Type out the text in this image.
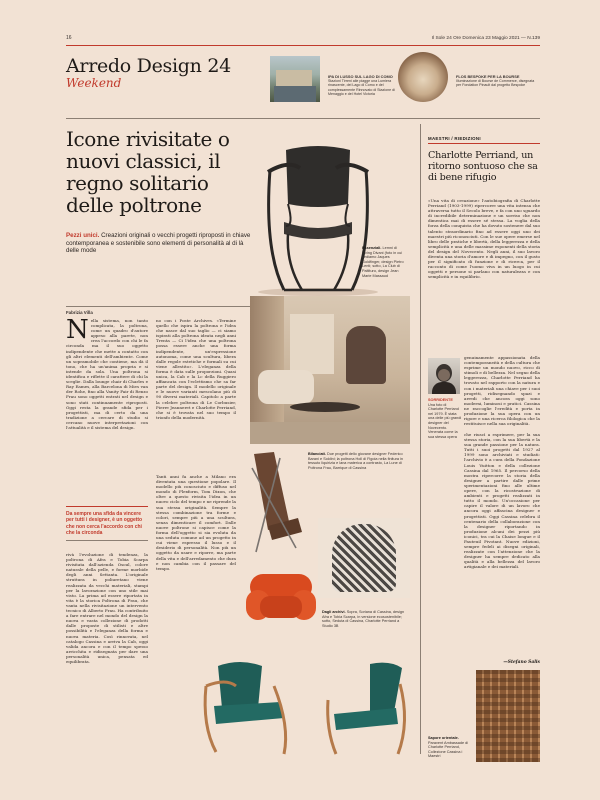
16	Il Sole 24 Ore Domenica 23 Maggio 2021 — N.139
Arredo Design 24
Weekend	IPA DI LUSSO SUL LAGO DI COMO
Stazioni Tirreni alle piagge una Lumiera rinascente, del Lago di Como e del complessamente Rinnovato di Stazione di Menaggio e del Hotel Victoria
FLOS BESPOKE PER LA BOURSE
Illuminazione di Bourse de Commerce, disegnata per Fondation Pinault dal progetto Bespoke
Icone rivisitate o nuovi classici, il regno solitario delle poltrone
Pezzi unici. Creazioni originali o vecchi progetti riproposti in chiave contemporanea e sostenibile sono elementi di personalità al di là delle mode	Essenziali. Lemni di Living Divani (foto in cui vediamo Jaques Goldfinger, design Pietro Lenti; sotto, La Club di Paltituro, design Jean Marie Massaud
Fabrizia Villa
Nella sistema, non tanto complicata, la poltrona, come un quadro d'autore appeso alla parete, non crea l'accordo con chi le fa circonda ma il suo oggetto indipendente che mette a contatto con gli altri elementi dell'ambiente. Come un sopramobile che contiene, ma dà il tono, che ha un'anima propria e si intende da sola. Una poltrona si identifica e riflette il carattere di chi la sceglie. Dalla lounge chair di Charles e Ray Eames, alla Barcelona di Mies van der Rohe, fino alla Vanity Fair di Renzo Frau sono oggetti entrati nel design e sono stati continuamente riproposti. Oggi resta la grande sfida per i progettisti, ma di certo da una tradizione a cercare di studio si cercano nuove interpretazioni con l'attualità e il sistema del design.
Da sempre una sfida da vincere per tutti i designer, è un oggetto che non cerca l'accordo con chi che la circonda
rivà l'evoluzione di tendenza, la poltrona di Afra e Tobia Scarpa rivisitata dall'azienda Osoul, colore naturale della pelle, e forme morbide degli anni Settanta. L'originale struttura in poliuretano viene realizzata da vecchi materiali, stampi per la lavorazione con uno stile mai visto. La prima ad essere riportata in vita è la storica Poltrona di Frau, che vanta nella rivisitazione un intervento tecnico di Alberto Frau. Ha contribuito a fare entrare nel mondo del design la nuova e vasta collezione di prodotti dalle proposte di stilisti e altre possibilità e l'eleganza della forma e nuova materia. Così rinnovata, nel catalogo Cassina e arriva la Cab, oggi valida ancora e con il tempo spesso arricchita e ridisegnata per dare una personalità unica, pensata ed equilibrata.
no con i Poste Archives. «Termine quello che ispira la poltrona e l'idea che nasce dal suo taglio — ci siamo ispirati alla poltrona ideata negli anni Trenta — Ci l'idea che una poltrona possa essere anche una forma indipendente, un'espressione autonoma, come una scultura, libera dalle regole estetiche e formali su cui viene allestito». L'eleganza della forma è data sulle proporzioni. Quasi unica, la Cab e la Lc della Ruggiero affiancata con l'eclettismo che sa far parte del design. Il modello originale e le nuove varianti mescolano più di 90 diversi materiali. Capitolo a parte la celebre poltrona di Le Corbusier, Pierre Jeanneret e Charlotte Perriand, che si è trovata nel suo tempo il trionfo della modernità.
Tanti anni fa anche a Milano era diventata una questione popolare. Il modello più conosciuto e diffuso nel mondo di Flexform, Tom Dixon, che oltre a questo rivisita l'idea in un nuovo ciclo del tempo e ne riprende la sua stessa originalità. Sempre la stessa combinazione tra forme e colori, sempre più a una scultura, senza dimenticare il comfort. Dalle nuove poltrone si capisce come la forma dell'oggetto si sia evoluta da una seduta comune ad un progetto in cui viene espresso il lusso e il desiderio di personalità. Non più un oggetto da usare e riporre, ma parte della vita e dell'arredamento che dura e non cambia con il passare del tempo.
Bilanciati. Due progetti dello giovane designer Federico Barani e Soldini; la poltrona Holl di Figoia nella finitura in tessuto liquirizia e lana materica a contrasto, La Lune di Poltrona Frau, Barrique di Cassina
Dagli archivi. Sopra, Soriana di Cassina, design Afra e Tobia Scarpa, in versione ecosostenibile; sotto, Seduta di Cassina, Charlotte Perriand a Studio 3B
MAESTRI / RIEDIZIONI
Charlotte Perriand, un ritorno sontuoso che sa di bene rifugio
«Una vita di creazione» l'autobiografia di Charlotte Perriand (1903-1999) ripercorre una vita intensa che attraversa tutto il Secolo breve, e fa con uno sguardo di incredibile determinazione e un sorriso che non dimentica mai di essere sé stessa. La voglia della forza della conquista che ha dovuto sostenere dal suo talento straordinario fino ad essere oggi uno dei maestri più riconosciuti. Con le sue opere emerse nel libro delle pratiche e libertà, della leggerezza e della semplicità e una delle massime esponenti della storia del design del Novecento. Negli anni, il suo lavoro diventa una storia d'amore e di impegno, con il gusto per il significato di funzione e di ricerca, per il racconto di come l'uomo viva in un luogo in cui oggetti e persone si parlano con naturalezza e con semplicità e in equilibrio.
genuinamente appassionata della contemporaneità e della cultura che esprime un mondo nuovo, ricco di stimoli e di bellezza. Nel segno della leggerezza, Charlotte Perriand ha trovato nel rapporto con la natura e con i materiali una chiave per i suoi progetti, ridisegnando spazi e arredi che ancora oggi sono moderni, luminosi e pratici. Cassina ne raccoglie l'eredità e porta in produzione la sua opera con un rigore e una ricerca filologica che la restituisce nella sua originalità.
SORRIDENTE
Una foto di Charlotte Perriand nel 1979. È stata una delle più grandi designer del Novecento. Venerata come la sua stessa opera	che riuscì a esprimere, per la sua stessa storia, con la sua libertà e la sua grande passione per la natura. Tutti i suoi progetti dal 1927 al 1999 sono archiviati e studiati: l'archivio è a cura della Fondazione Louis Vuitton e della collezione Cassina dal 1965. Il percorso della mostra ripercorre la storia della designer a partire dalle prime sperimentazioni fino alle ultime opere, con la ricostruzione di ambienti e progetti realizzati in tutto il mondo. Un'occasione per capire il valore di un lavoro che ancora oggi affascina designer e progettisti. Oggi Cassina celebra il centenario della collaborazione con la designer riportando in produzione alcuni dei pezzi più iconici, tra cui la Chaise longue e il Fauteuil Pivotant. Nuove edizioni, sempre fedeli ai disegni originali, realizzate con l'attenzione che la designer ha sempre dedicato alla qualità e alla bellezza del lavoro artigianale e dei materiali.
—Stefano Salis
Sapore orientale. Paravent Ambassade di Charlotte Perriand, Collezione Cassina i Maestri
